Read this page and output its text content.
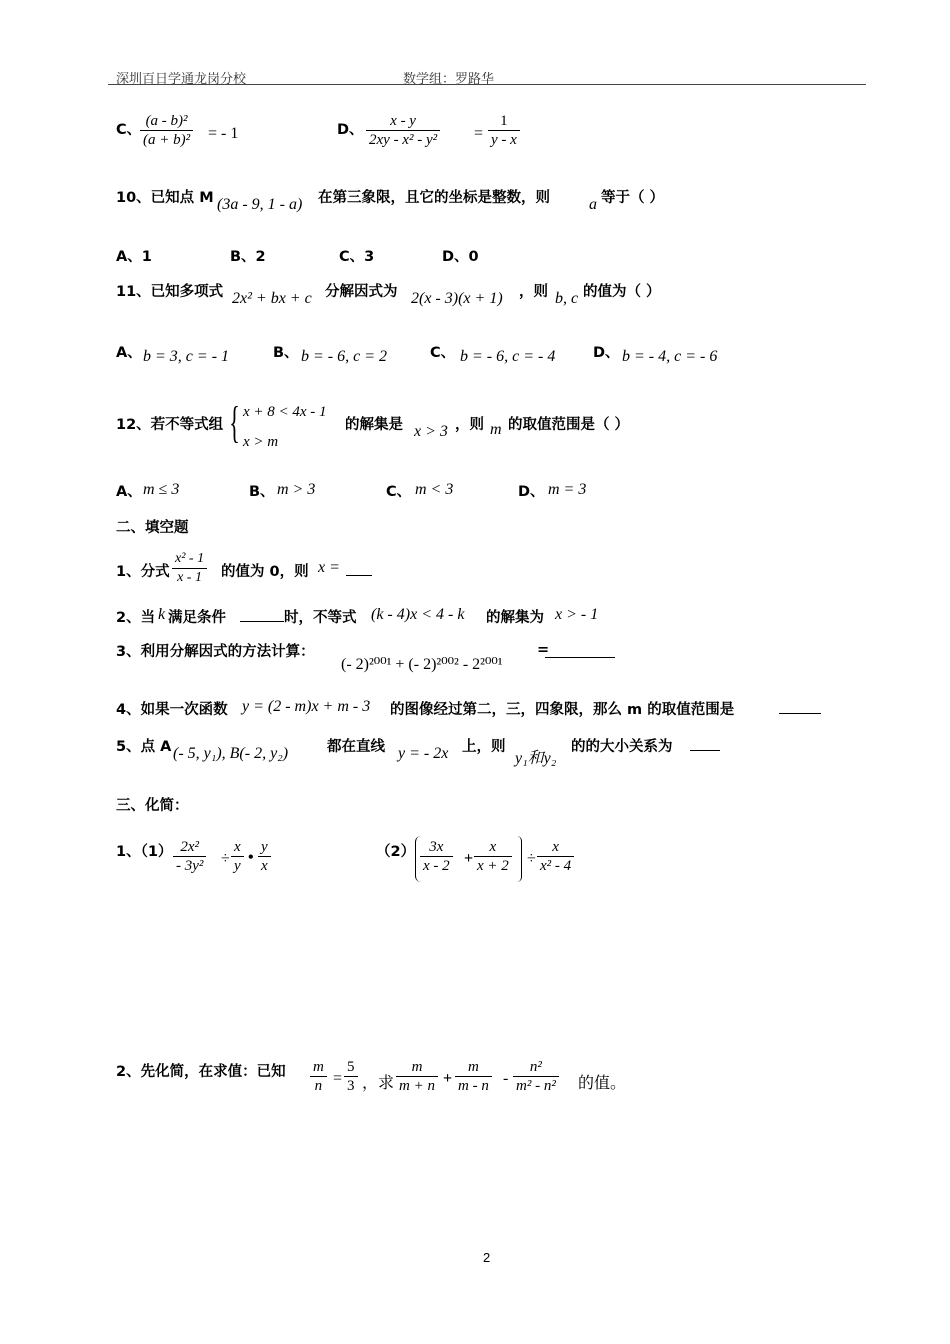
深圳百日学通龙岗分校	数学组：罗路华
C、
(a - b)²
(a + b)² = - 1	D、
x - y
2xy - x² - y² =
1
y - x
10、已知点 M (3a - 9, 1 - a) 在第三象限，且它的坐标是整数，则 a 等于（ ）
A、1	B、2	C、3	D、0
11、已知多项式 2x² + bx + c 分解因式为 2(x - 3)(x + 1) ，则 b, c 的值为（ ）
A、 b = 3, c = - 1	B、 b = - 6, c = 2	C、 b = - 6, c = - 4	D、 b = - 4, c = - 6
12、若不等式组 { x + 8 < 4x - 1
x > m
的解集是 x > 3 ，则 m 的取值范围是（ ）
A、 m ≤ 3	B、 m > 3	C、 m < 3	D、 m = 3
二、填空题
1、分式
x² - 1
x - 1 的值为 0，则 x =
2、当 k 满足条件	时，不等式 (k - 4)x < 4 - k 的解集为 x > - 1
3、利用分解因式的方法计算：
(- 2)²⁰⁰¹ + (- 2)²⁰⁰² - 2²⁰⁰¹
=
4、如果一次函数 y = (2 - m)x + m - 3 的图像经过第二，三，四象限，那么 m 的取值范围是
5、点 A (- 5, y₁), B(- 2, y₂)	都在直线 y = - 2x 上，则
y₁和y₂
的的大小关系为
三、化简：
1、（1） 2x²
- 3y² ÷
x
y •
y
x
（2） 3x
x - 2 +
x
x + 2 ÷
x
x² - 4
2、先化简，在求值：已知 m
n =
5
3 ，求
m
m + n +
m
m - n -
n²
m² - n² 的值。
2
